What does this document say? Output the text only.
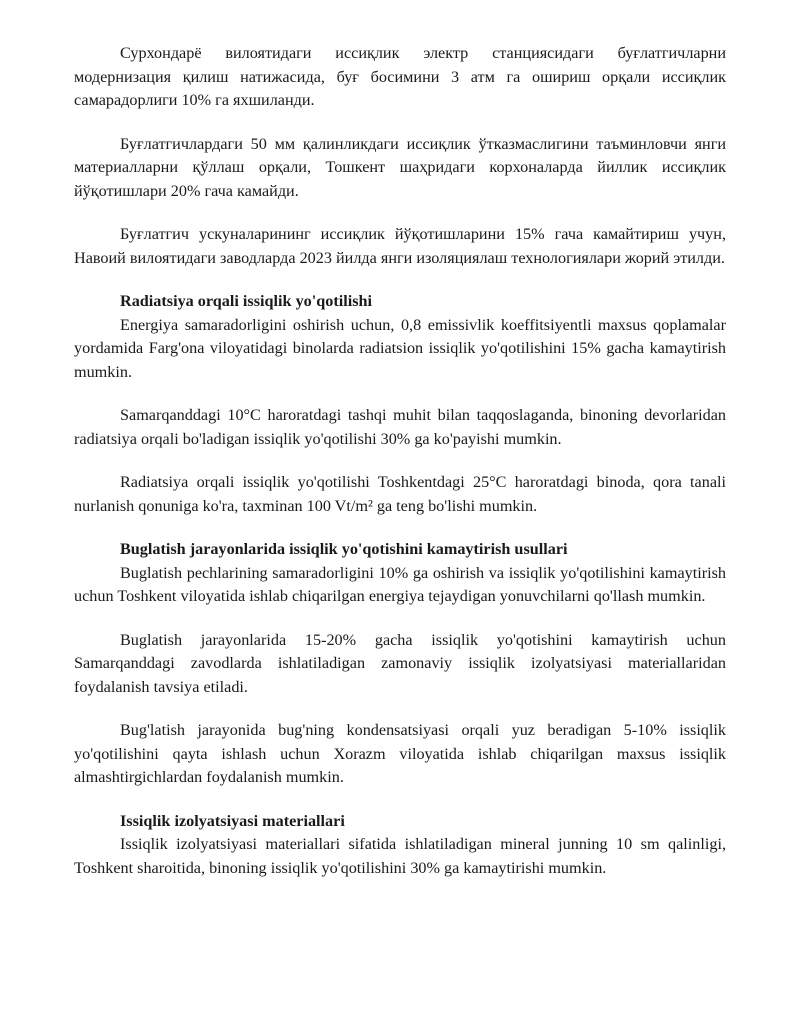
Сурхондарё вилоятидаги иссиқлик электр станциясидаги буғлатгичларни модернизация қилиш натижасида, буғ босимини 3 атм га ошириш орқали иссиқлик самарадорлиги 10% га яхшиланди.

Буғлатгичлардаги 50 мм қалинликдаги иссиқлик ўтказмаслигини таъминловчи янги материалларни қўллаш орқали, Тошкент шаҳридаги корхоналарда йиллик иссиқлик йўқотишлари 20% гача камайди.

Буғлатгич ускуналарининг иссиқлик йўқотишларини 15% гача камайтириш учун, Навоий вилоятидаги заводларда 2023 йилда янги изоляциялаш технологиялари жорий этилди.

Radiatsiya orqali issiqlik yo'qotilishi

Energiya samaradorligini oshirish uchun, 0,8 emissivlik koeffitsiyentli maxsus qoplamalar yordamida Farg'ona viloyatidagi binolarda radiatsion issiqlik yo'qotilishini 15% gacha kamaytirish mumkin.

Samarqanddagi 10°C haroratdagi tashqi muhit bilan taqqoslaganda, binoning devorlaridan radiatsiya orqali bo'ladigan issiqlik yo'qotilishi 30% ga ko'payishi mumkin.

Radiatsiya orqali issiqlik yo'qotilishi Toshkentdagi 25°C haroratdagi binoda, qora tanali nurlanish qonuniga ko'ra, taxminan 100 Vt/m² ga teng bo'lishi mumkin.

Buglatish jarayonlarida issiqlik yo'qotishini kamaytirish usullari

Buglatish pechlarining samaradorligini 10% ga oshirish va issiqlik yo'qotilishini kamaytirish uchun Toshkent viloyatida ishlab chiqarilgan energiya tejaydigan yonuvchilarni qo'llash mumkin.

Buglatish jarayonlarida 15-20% gacha issiqlik yo'qotishini kamaytirish uchun Samarqanddagi zavodlarda ishlatiladigan zamonaviy issiqlik izolyatsiyasi materiallaridan foydalanish tavsiya etiladi.

Bug'latish jarayonida bug'ning kondensatsiyasi orqali yuz beradigan 5-10% issiqlik yo'qotilishini qayta ishlash uchun Xorazm viloyatida ishlab chiqarilgan maxsus issiqlik almashtirgichlardan foydalanish mumkin.

Issiqlik izolyatsiyasi materiallari

Issiqlik izolyatsiyasi materiallari sifatida ishlatiladigan mineral junning 10 sm qalinligi, Toshkent sharoitida, binoning issiqlik yo'qotilishini 30% ga kamaytirishi mumkin.
